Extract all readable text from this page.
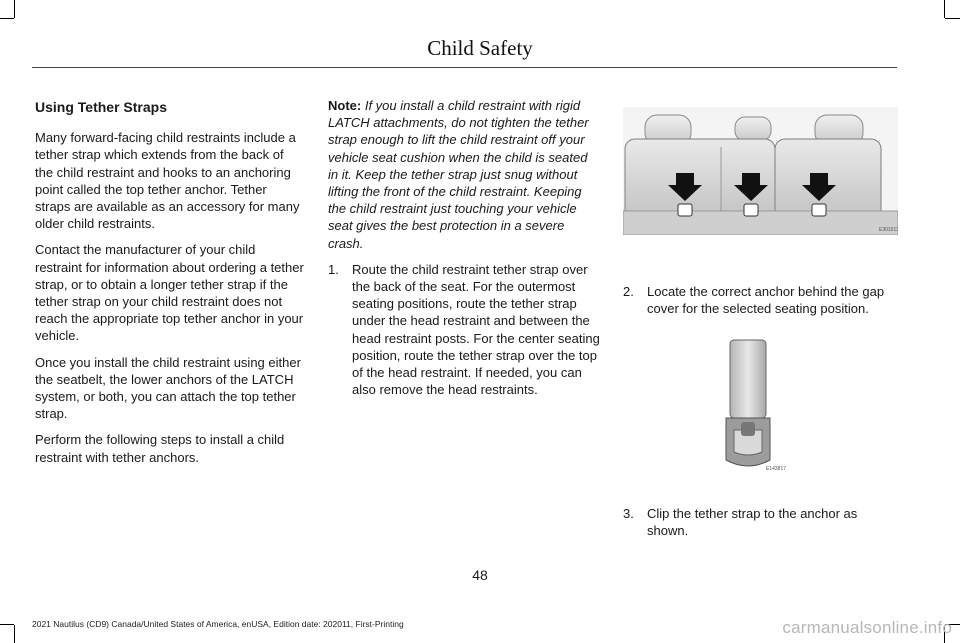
Child Safety
Using Tether Straps

Many forward-facing child restraints include a tether strap which extends from the back of the child restraint and hooks to an anchoring point called the top tether anchor. Tether straps are available as an accessory for many older child restraints.

Contact the manufacturer of your child restraint for information about ordering a tether strap, or to obtain a longer tether strap if the tether strap on your child restraint does not reach the appropriate top tether anchor in your vehicle.

Once you install the child restraint using either the seatbelt, the lower anchors of the LATCH system, or both, you can attach the top tether strap.

Perform the following steps to install a child restraint with tether anchors.

Note: If you install a child restraint with rigid LATCH attachments, do not tighten the tether strap enough to lift the child restraint off your vehicle seat cushion when the child is seated in it. Keep the tether strap just snug without lifting the front of the child restraint. Keeping the child restraint just touching your vehicle seat gives the best protection in a severe crash.

1. Route the child restraint tether strap over the back of the seat. For the outermost seating positions, route the tether strap under the head restraint and between the head restraint posts. For the center seating position, route the tether strap over the top of the head restraint. If needed, you can also remove the head restraints.
E301513
2. Locate the correct anchor behind the gap cover for the selected seating position.
E143817
3. Clip the tether strap to the anchor as shown.
48
2021 Nautilus (CD9) Canada/United States of America, enUSA, Edition date: 202011, First-Printing	carmanualsonline.info
